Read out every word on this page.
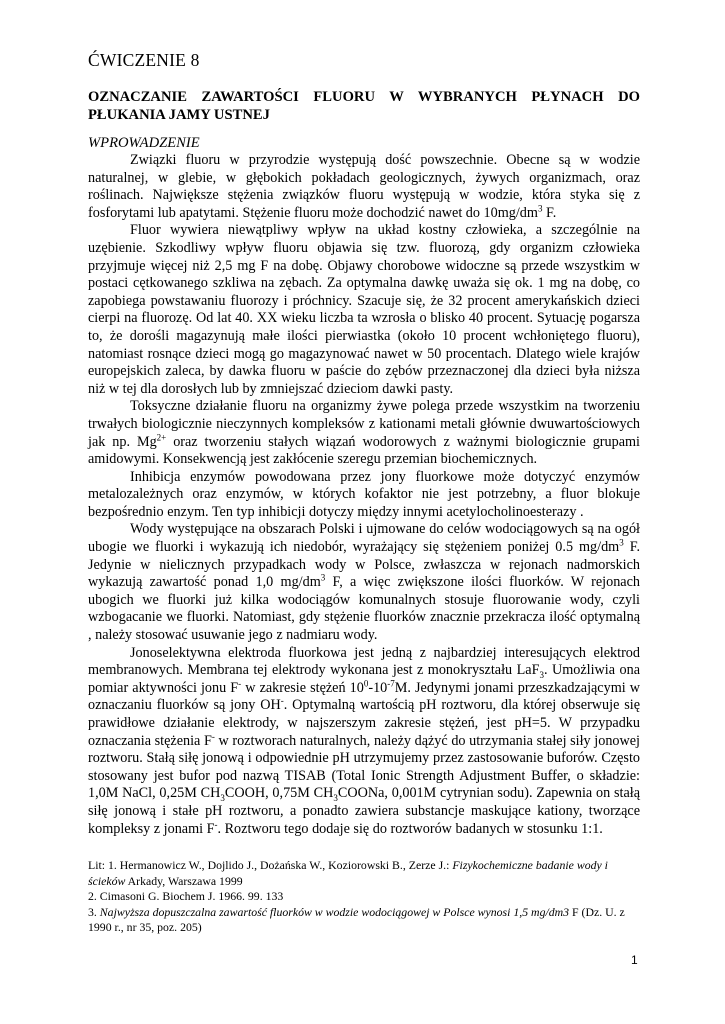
ĆWICZENIE 8
OZNACZANIE ZAWARTOŚCI FLUORU W WYBRANYCH PŁYNACH DO PŁUKANIA JAMY USTNEJ
WPROWADZENIE

Związki fluoru w przyrodzie występują dość powszechnie. Obecne są w wodzie naturalnej, w glebie, w głębokich pokładach geologicznych, żywych organizmach, oraz roślinach. Największe stężenia związków fluoru występują w wodzie, która styka się z fosforytami lub apatytami. Stężenie fluoru może dochodzić nawet do $10mg/dm^3$ F.

Fluor wywiera niewątpliwy wpływ na układ kostny człowieka, a szczególnie na uzębienie. Szkodliwy wpływ fluoru objawia się tzw. fluorozą, gdy organizm człowieka przyjmuje więcej niż 2,5 mg F na dobę. Objawy chorobowe widoczne są przede wszystkim w postaci cętkowanego szkliwa na zębach. Za optymalna dawkę uważa się ok. 1 mg na dobę, co zapobiega powstawaniu fluorozy i próchnicy. Szacuje się, że 32 procent amerykańskich dzieci cierpi na fluorozę. Od lat 40. XX wieku liczba ta wzrosła o blisko 40 procent. Sytuację pogarsza to, że dorośli magazynują małe ilości pierwiastka (około 10 procent wchłoniętego fluoru), natomiast rosnące dzieci mogą go magazynować nawet w 50 procentach. Dlatego wiele krajów europejskich zaleca, by dawka fluoru w paście do zębów przeznaczonej dla dzieci była niższa niż w tej dla dorosłych lub by zmniejszać dzieciom dawki pasty.

Toksyczne działanie fluoru na organizmy żywe polega przede wszystkim na tworzeniu trwałych biologicznie nieczynnych kompleksów z kationami metali głównie dwuwartościowych jak np. $Mg^{2+}$ oraz tworzeniu stałych wiązań wodorowych z ważnymi biologicznie grupami amidowymi. Konsekwencją jest zakłócenie szeregu przemian biochemicznych.

Inhibicja enzymów powodowana przez jony fluorkowe może dotyczyć enzymów metalozależnych oraz enzymów, w których kofaktor nie jest potrzebny, a fluor blokuje bezpośrednio enzym. Ten typ inhibicji dotyczy między innymi acetylocholinoesterazy .

Wody występujące na obszarach Polski i ujmowane do celów wodociągowych są na ogół ubogie we fluorki i wykazują ich niedobór, wyrażający się stężeniem poniżej 0.5 $mg/dm^3$ F. Jedynie w nielicznych przypadkach wody w Polsce, zwłaszcza w rejonach nadmorskich wykazują zawartość ponad 1,0 $mg/dm^3$ F, a więc zwiększone ilości fluorków. W rejonach ubogich we fluorki już kilka wodociągów komunalnych stosuje fluorowanie wody, czyli wzbogacanie we fluorki. Natomiast, gdy stężenie fluorków znacznie przekracza ilość optymalną , należy stosować usuwanie jego z nadmiaru wody.

Jonoselektywna elektroda fluorkowa jest jedną z najbardziej interesujących elektrod membranowych. Membrana tej elektrody wykonana jest z monokryształu LaF$_3$. Umożliwia ona pomiar aktywności jonu F- w zakresie stężeń $10^0-10^{-7}M$. Jedynymi jonami przeszkadzającymi w oznaczaniu fluorków są jony OH-. Optymalną wartością pH roztworu, dla której obserwuje się prawidłowe działanie elektrody, w najszerszym zakresie stężeń, jest pH=5. W przypadku oznaczania stężenia F- w roztworach naturalnych, należy dążyć do utrzymania stałej siły jonowej roztworu. Stałą siłę jonową i odpowiednie pH utrzymujemy przez zastosowanie buforów. Często stosowany jest bufor pod nazwą TISAB (Total Ionic Strength Adjustment Buffer, o składzie: 1,0M NaCl, 0,25M $CH_3COOH$, 0,75M $CH_3COONa$, 0,001M cytrynian sodu). Zapewnia on stałą siłę jonową i stałe pH roztworu, a ponadto zawiera substancje maskujące kationy, tworzące kompleksy z jonami F-. Roztworu tego dodaje się do roztworów badanych w stosunku 1:1.

Lit: 1. Hermanowicz W., Dojlido J., Dożańska W., Koziorowski B., Zerze J.: Fizykochemiczne badanie wody i ścieków Arkady, Warszawa 1999
2. Cimasoni G. Biochem J. 1966. 99. 133
3. Najwyższa dopuszczalna zawartość fluorków w wodzie wodociągowej w Polsce wynosi 1,5 mg/dm3 F (Dz. U. z 1990 r., nr 35, poz. 205)
1
